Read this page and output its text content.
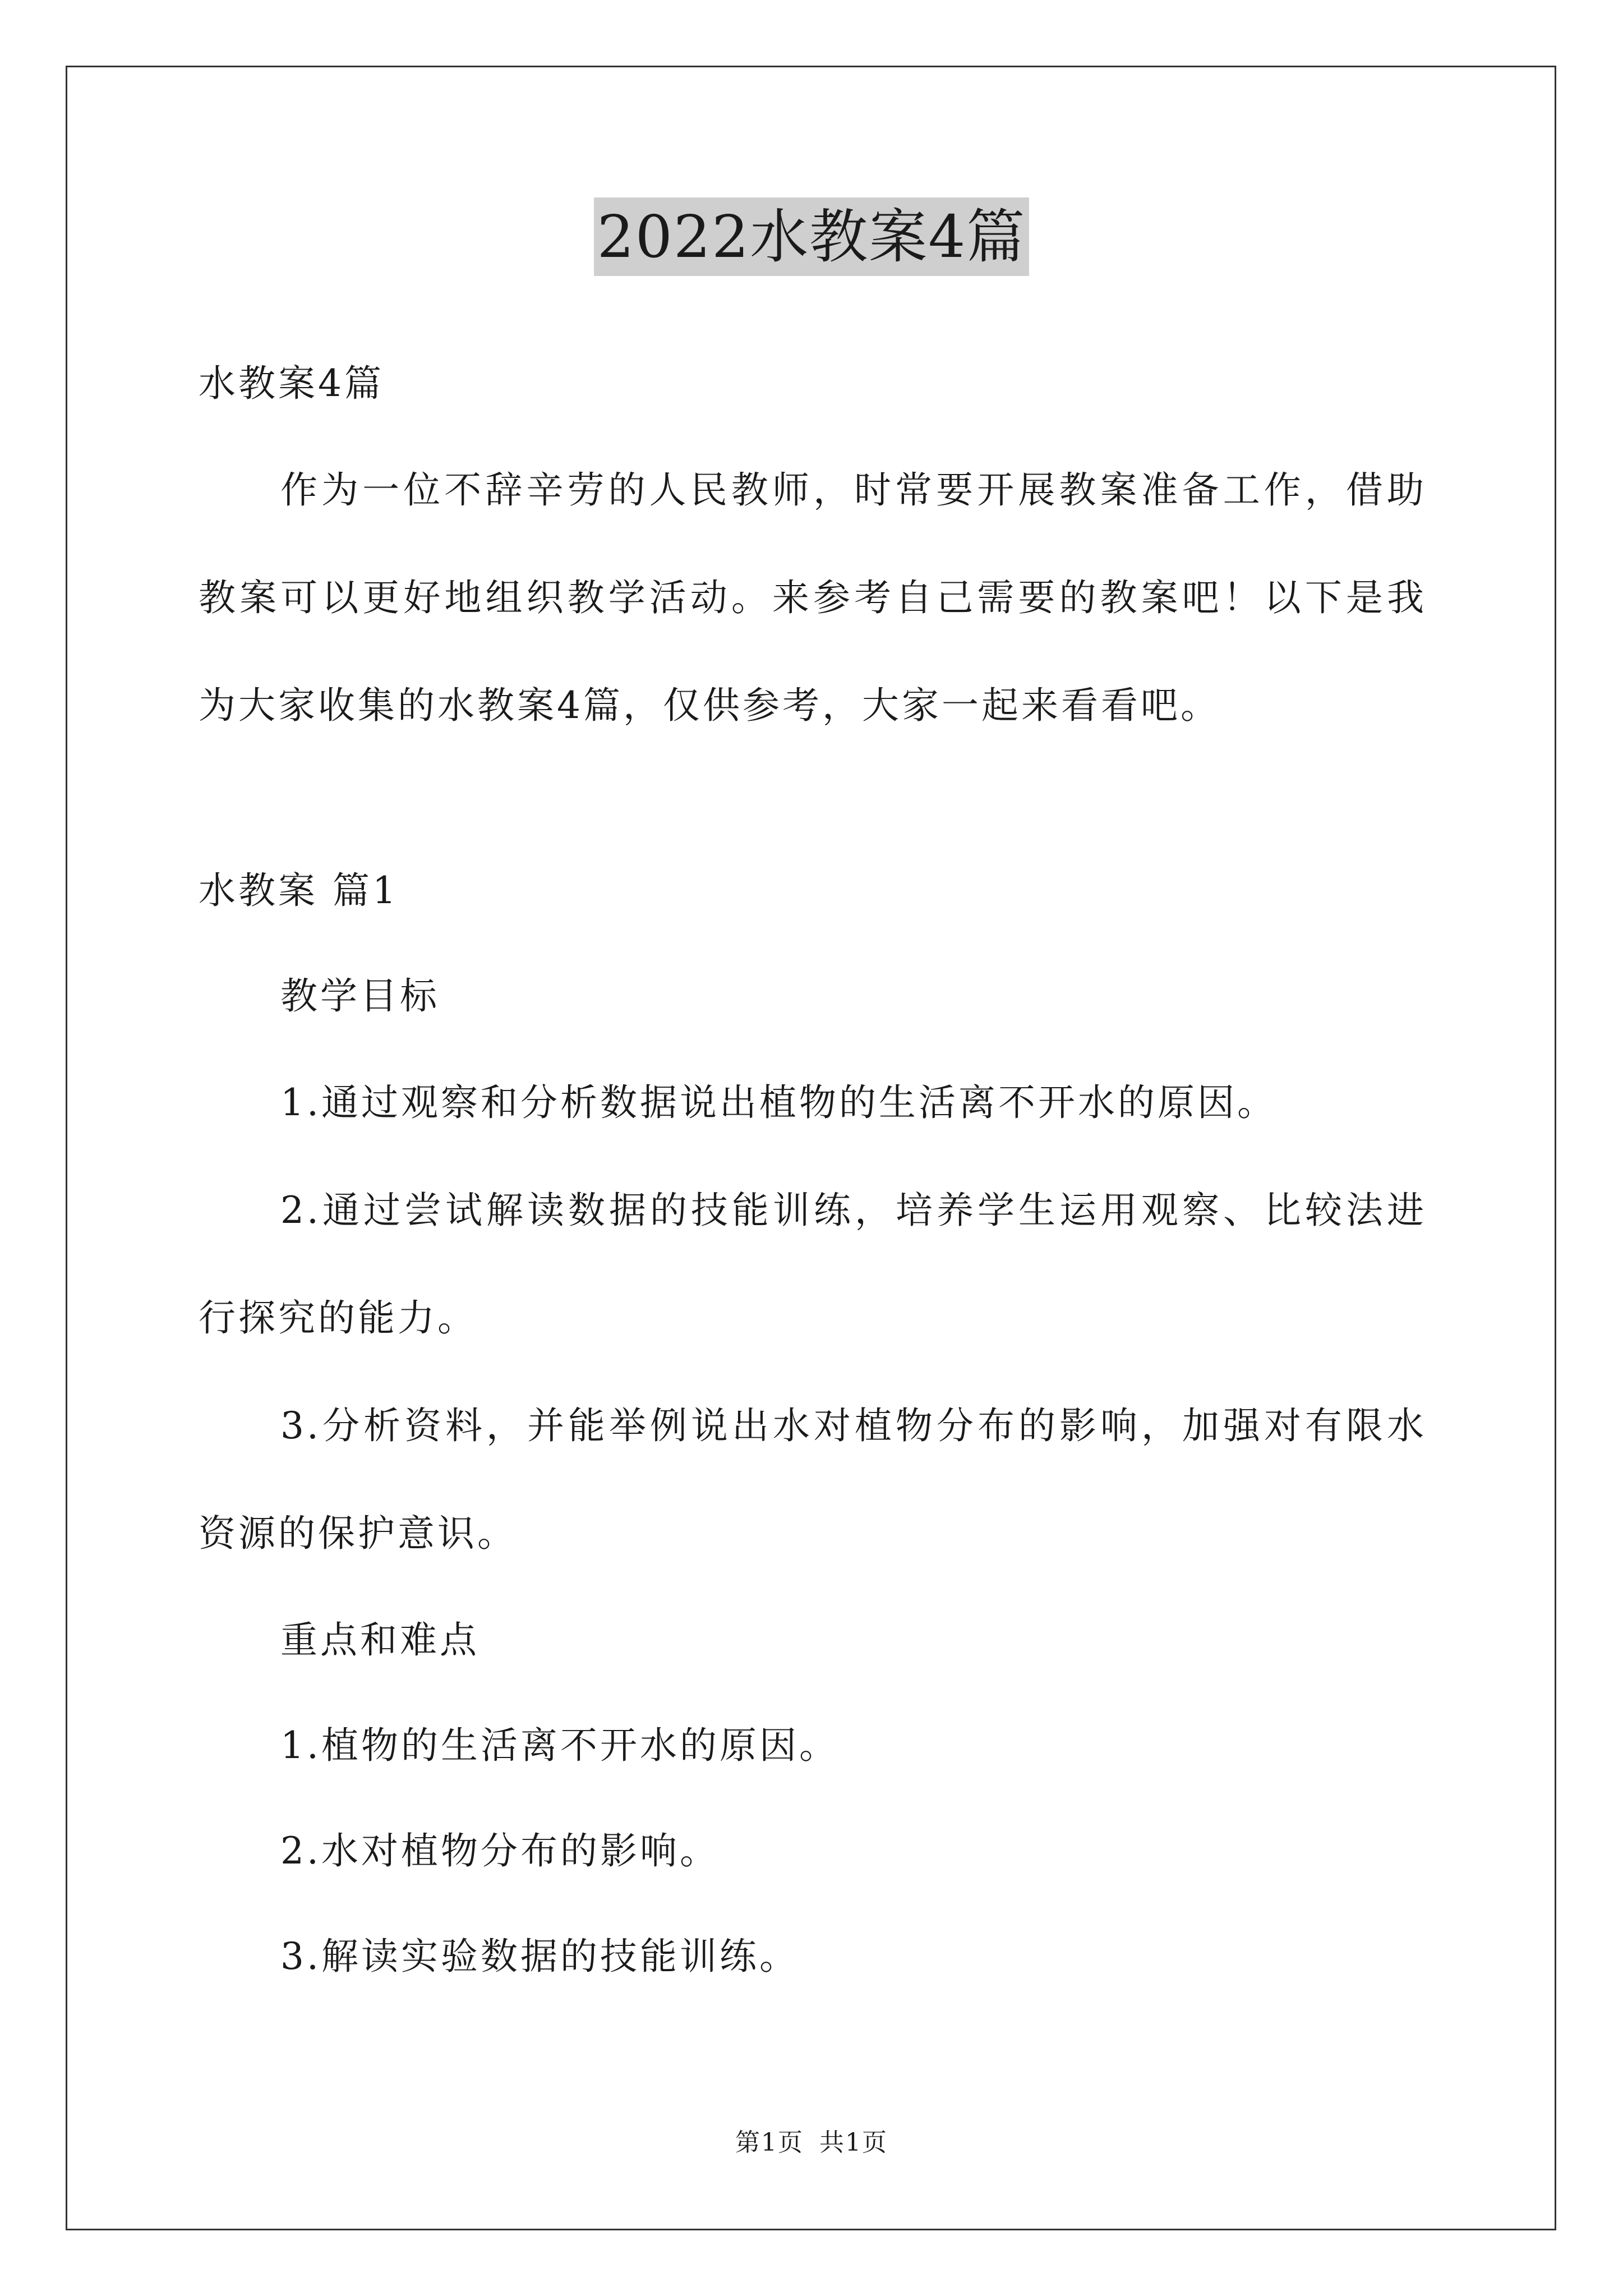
2022水教案4篇

水教案4篇

作为一位不辞辛劳的人民教师，时常要开展教案准备工作，借助教案可以更好地组织教学活动。来参考自己需要的教案吧！以下是我为大家收集的水教案4篇，仅供参考，大家一起来看看吧。

水教案 篇1

教学目标

1.通过观察和分析数据说出植物的生活离不开水的原因。

2.通过尝试解读数据的技能训练，培养学生运用观察、比较法进行探究的能力。

3.分析资料，并能举例说出水对植物分布的影响，加强对有限水资源的保护意识。

重点和难点

1.植物的生活离不开水的原因。

2.水对植物分布的影响。

3.解读实验数据的技能训练。

第1页 共1页
